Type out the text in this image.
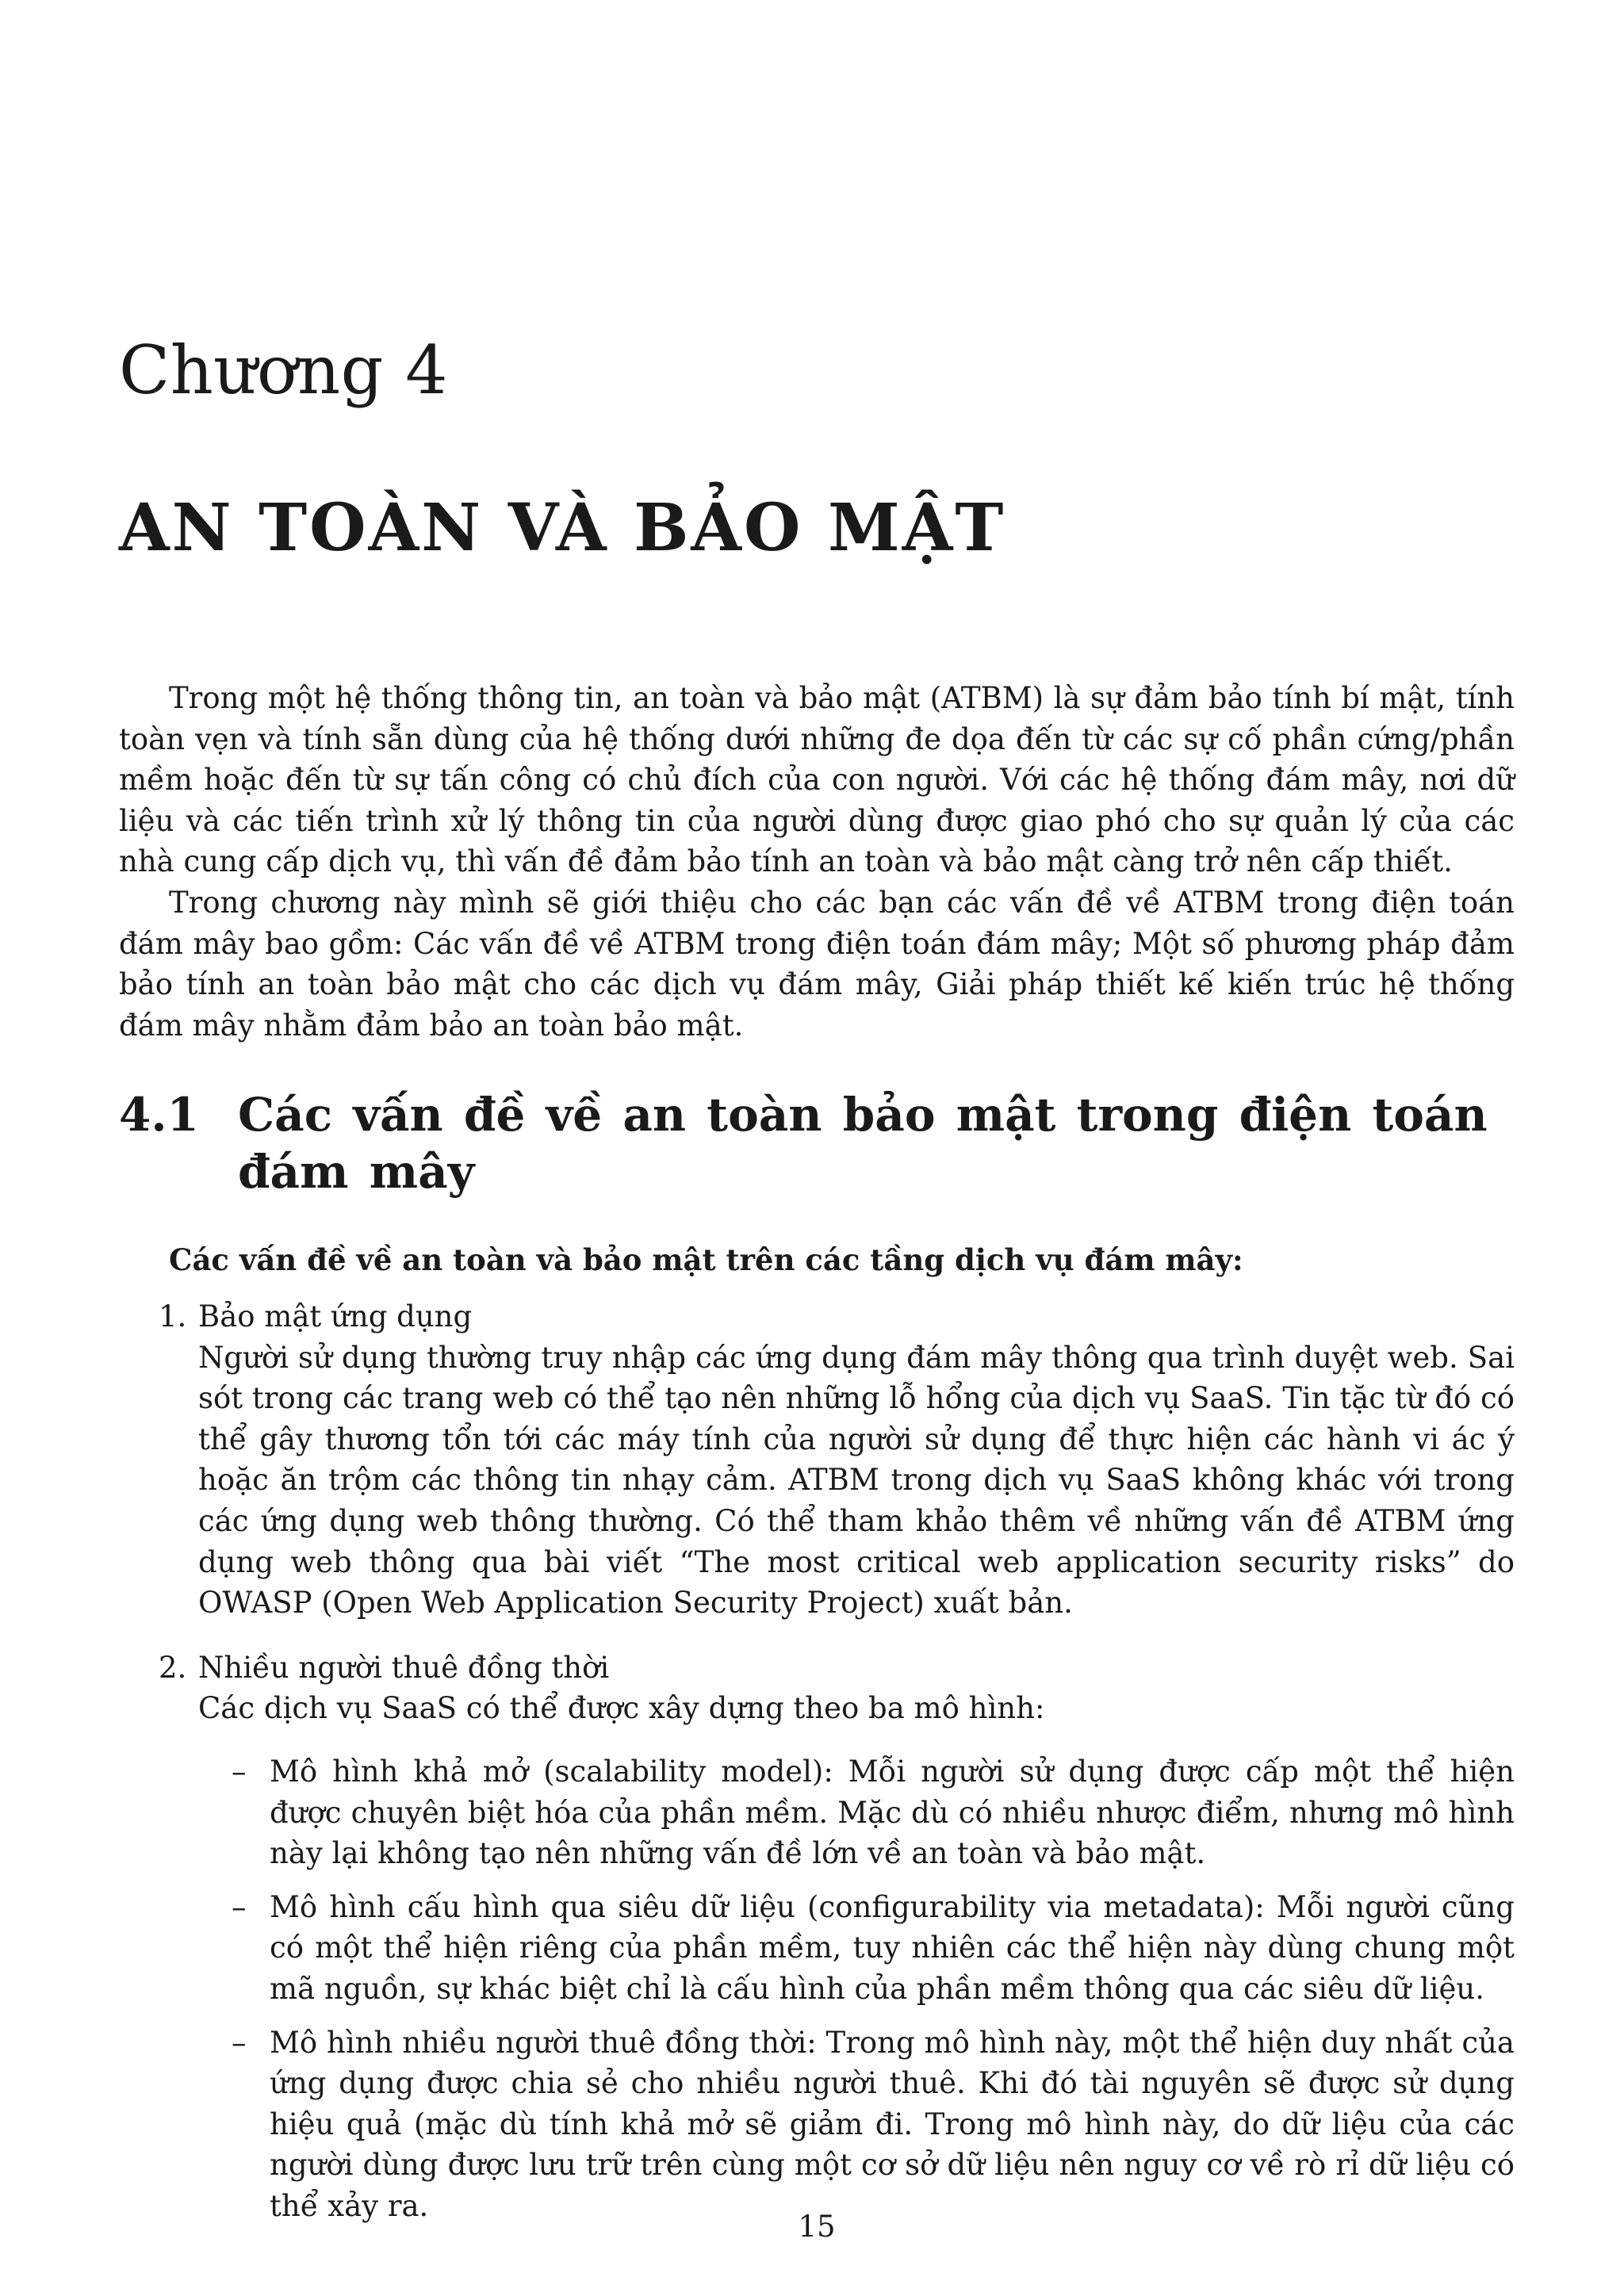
Chương 4
AN TOÀN VÀ BẢO MẬT

Trong một hệ thống thông tin, an toàn và bảo mật (ATBM) là sự đảm bảo tính bí mật, tính toàn vẹn và tính sẵn dùng của hệ thống dưới những đe dọa đến từ các sự cố phần cứng/phần mềm hoặc đến từ sự tấn công có chủ đích của con người. Với các hệ thống đám mây, nơi dữ liệu và các tiến trình xử lý thông tin của người dùng được giao phó cho sự quản lý của các nhà cung cấp dịch vụ, thì vấn đề đảm bảo tính an toàn và bảo mật càng trở nên cấp thiết.

Trong chương này mình sẽ giới thiệu cho các bạn các vấn đề về ATBM trong điện toán đám mây bao gồm: Các vấn đề về ATBM trong điện toán đám mây; Một số phương pháp đảm bảo tính an toàn bảo mật cho các dịch vụ đám mây, Giải pháp thiết kế kiến trúc hệ thống đám mây nhằm đảm bảo an toàn bảo mật.

4.1 Các vấn đề về an toàn bảo mật trong điện toán đám mây
Các vấn đề về an toàn và bảo mật trên các tầng dịch vụ đám mây:
1. Bảo mật ứng dụng
Người sử dụng thường truy nhập các ứng dụng đám mây thông qua trình duyệt web. Sai sót trong các trang web có thể tạo nên những lỗ hổng của dịch vụ SaaS. Tin tặc từ đó có thể gây thương tổn tới các máy tính của người sử dụng để thực hiện các hành vi ác ý hoặc ăn trộm các thông tin nhạy cảm. ATBM trong dịch vụ SaaS không khác với trong các ứng dụng web thông thường. Có thể tham khảo thêm về những vấn đề ATBM ứng dụng web thông qua bài viết “The most critical web application security risks” do OWASP (Open Web Application Security Project) xuất bản.
2. Nhiều người thuê đồng thời
Các dịch vụ SaaS có thể được xây dựng theo ba mô hình:
– Mô hình khả mở (scalability model): Mỗi người sử dụng được cấp một thể hiện được chuyên biệt hóa của phần mềm. Mặc dù có nhiều nhược điểm, nhưng mô hình này lại không tạo nên những vấn đề lớn về an toàn và bảo mật.
– Mô hình cấu hình qua siêu dữ liệu (configurability via metadata): Mỗi người cũng có một thể hiện riêng của phần mềm, tuy nhiên các thể hiện này dùng chung một mã nguồn, sự khác biệt chỉ là cấu hình của phần mềm thông qua các siêu dữ liệu.
– Mô hình nhiều người thuê đồng thời: Trong mô hình này, một thể hiện duy nhất của ứng dụng được chia sẻ cho nhiều người thuê. Khi đó tài nguyên sẽ được sử dụng hiệu quả (mặc dù tính khả mở sẽ giảm đi. Trong mô hình này, do dữ liệu của các người dùng được lưu trữ trên cùng một cơ sở dữ liệu nên nguy cơ về rò rỉ dữ liệu có thể xảy ra.
15
